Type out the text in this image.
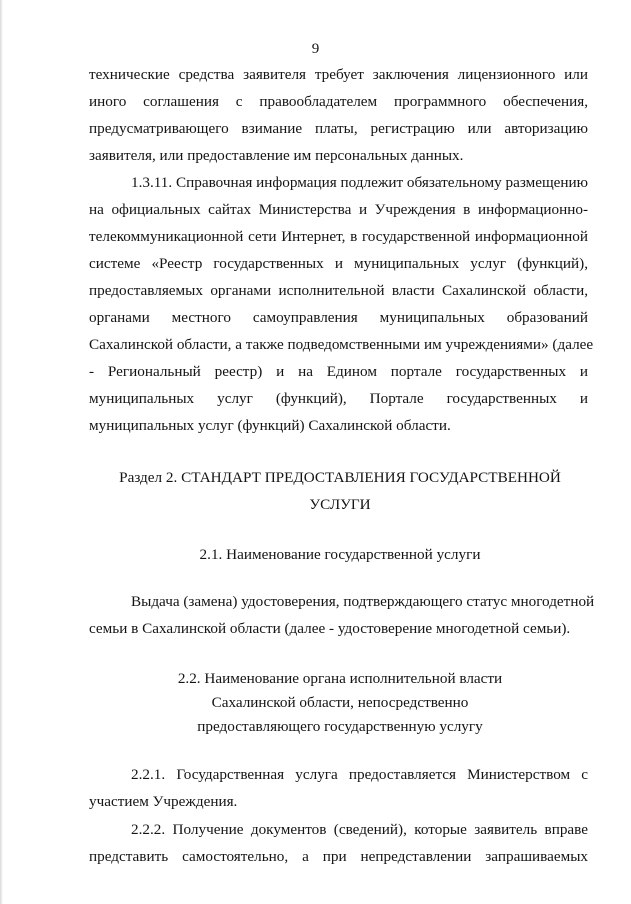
9
технические средства заявителя требует заключения лицензионного или
иного соглашения с правообладателем программного обеспечения,
предусматривающего взимание платы, регистрацию или авторизацию
заявителя, или предоставление им персональных данных.
1.3.11. Справочная информация подлежит обязательному размещению
на официальных сайтах Министерства и Учреждения в информационно-
телекоммуникационной сети Интернет, в государственной информационной
системе «Реестр государственных и муниципальных услуг (функций),
предоставляемых органами исполнительной власти Сахалинской области,
органами местного самоуправления муниципальных образований
Сахалинской области, а также подведомственными им учреждениями» (далее
- Региональный реестр) и на Едином портале государственных и
муниципальных услуг (функций), Портале государственных и
муниципальных услуг (функций) Сахалинской области.
Раздел 2. СТАНДАРТ ПРЕДОСТАВЛЕНИЯ ГОСУДАРСТВЕННОЙ
УСЛУГИ
2.1. Наименование государственной услуги
Выдача (замена) удостоверения, подтверждающего статус многодетной
семьи в Сахалинской области (далее - удостоверение многодетной семьи).
2.2. Наименование органа исполнительной власти
Сахалинской области, непосредственно
предоставляющего государственную услугу
2.2.1. Государственная услуга предоставляется Министерством с
участием Учреждения.
2.2.2. Получение документов (сведений), которые заявитель вправе
представить самостоятельно, а при непредставлении запрашиваемых
